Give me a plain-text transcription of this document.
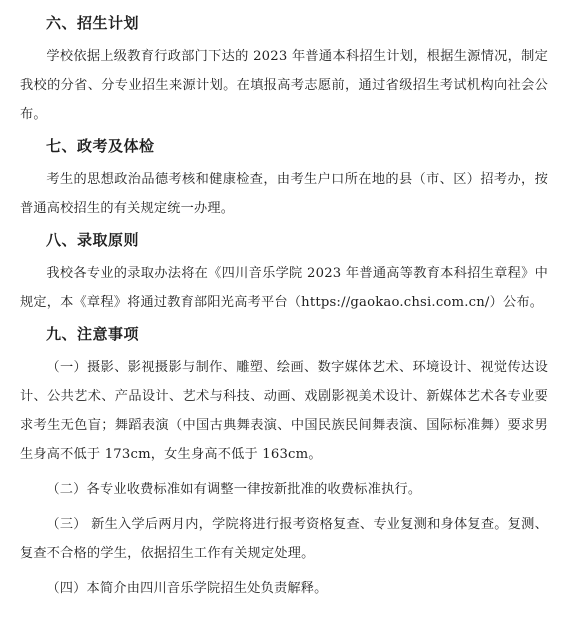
六、招生计划

学校依据上级教育行政部门下达的 2023 年普通本科招生计划，根据生源情况，制定我校的分省、分专业招生来源计划。在填报高考志愿前，通过省级招生考试机构向社会公布。

七、政考及体检

考生的思想政治品德考核和健康检查，由考生户口所在地的县（市、区）招考办，按普通高校招生的有关规定统一办理。

八、录取原则

我校各专业的录取办法将在《四川音乐学院 2023 年普通高等教育本科招生章程》中规定，本《章程》将通过教育部阳光高考平台（https://gaokao.chsi.com.cn/）公布。

九、注意事项

（一）摄影、影视摄影与制作、雕塑、绘画、数字媒体艺术、环境设计、视觉传达设计、公共艺术、产品设计、艺术与科技、动画、戏剧影视美术设计、新媒体艺术各专业要求考生无色盲；舞蹈表演（中国古典舞表演、中国民族民间舞表演、国际标准舞）要求男生身高不低于 173cm，女生身高不低于 163cm。

（二）各专业收费标准如有调整一律按新批准的收费标准执行。

（三） 新生入学后两月内，学院将进行报考资格复查、专业复测和身体复查。复测、复查不合格的学生，依据招生工作有关规定处理。

（四）本简介由四川音乐学院招生处负责解释。
